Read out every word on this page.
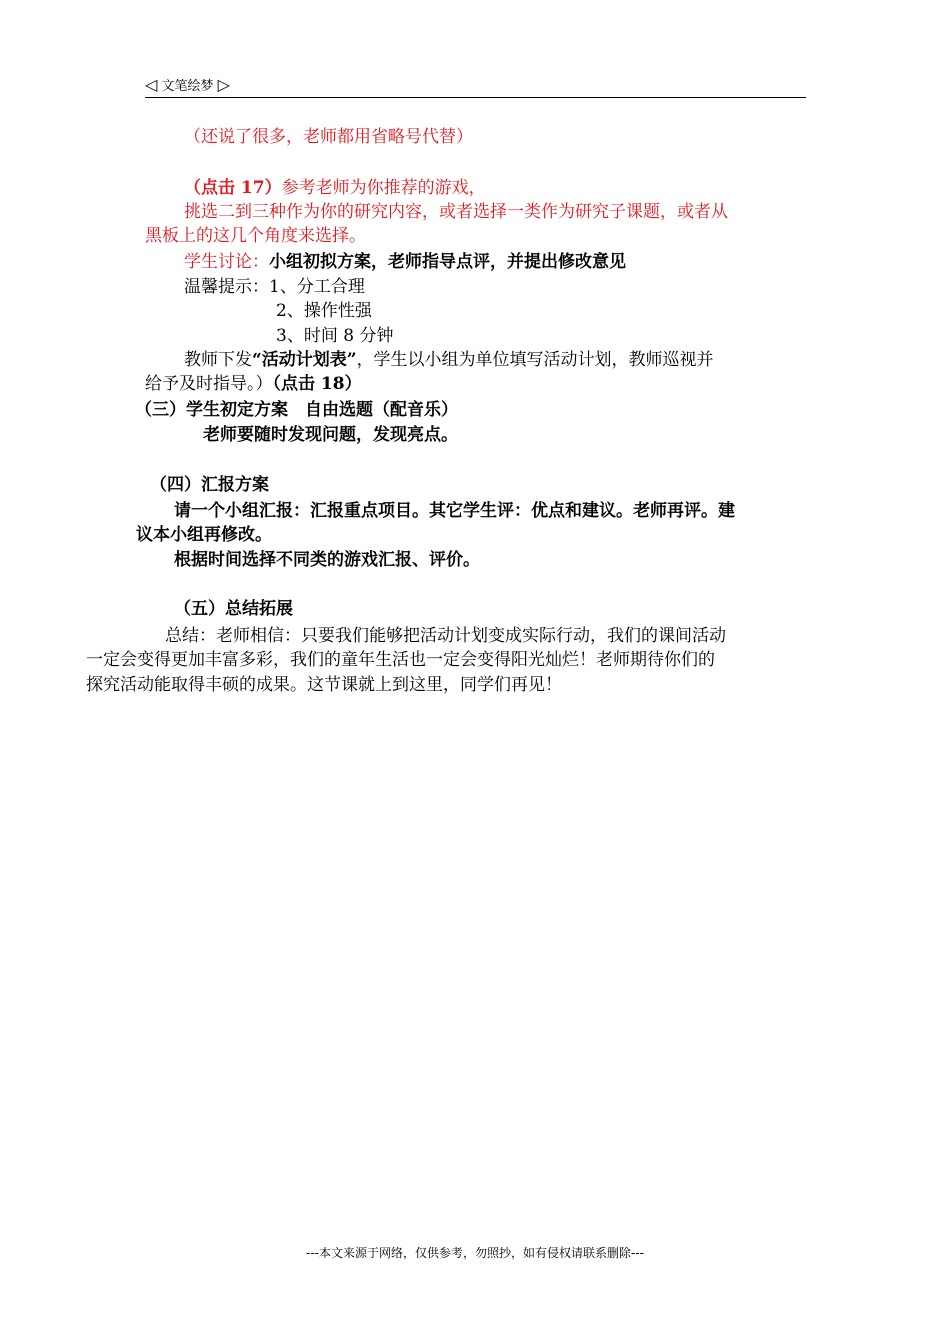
◁ 文笔绘梦 ▷
（还说了很多，老师都用省略号代替）
（点击 17）参考老师为你推荐的游戏，
挑选二到三种作为你的研究内容，或者选择一类作为研究子课题，或者从
黑板上的这几个角度来选择。
学生讨论：小组初拟方案，老师指导点评，并提出修改意见
温馨提示：1、分工合理
2、操作性强
3、时间 8 分钟
教师下发“活动计划表”，学生以小组为单位填写活动计划，教师巡视并
给予及时指导。）（点击 18）
（三）学生初定方案　自由选题（配音乐）
老师要随时发现问题，发现亮点。
（四）汇报方案
请一个小组汇报：汇报重点项目。其它学生评：优点和建议。老师再评。建
议本小组再修改。
根据时间选择不同类的游戏汇报、评价。
（五）总结拓展
总结：老师相信：只要我们能够把活动计划变成实际行动，我们的课间活动
一定会变得更加丰富多彩，我们的童年生活也一定会变得阳光灿烂！老师期待你们的
探究活动能取得丰硕的成果。这节课就上到这里，同学们再见！
---本文来源于网络，仅供参考，勿照抄，如有侵权请联系删除---
